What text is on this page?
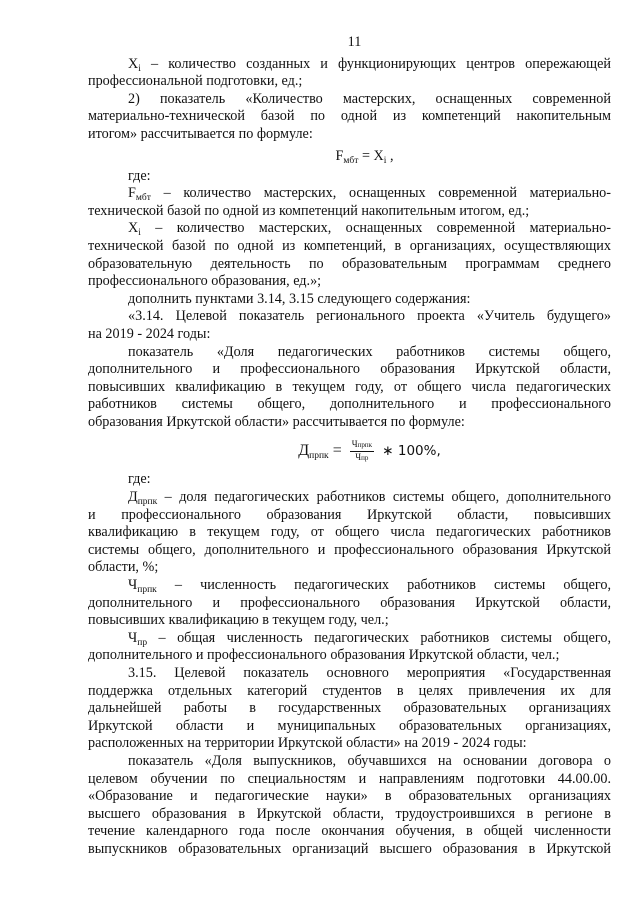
11
$X_i$ – количество созданных и функционирующих центров опережающей
профессиональной подготовки, ед.;
2) показатель «Количество мастерских, оснащенных современной
материально-технической базой по одной из компетенций накопительным
итогом» рассчитывается по формуле:
$F_{мбт} = X_i$ ,
где:
$F_{мбт}$ – количество мастерских, оснащенных современной материально-
технической базой по одной из компетенций накопительным итогом, ед.;
$X_i$ – количество мастерских, оснащенных современной материально-
технической базой по одной из компетенций, в организациях, осуществляющих
образовательную деятельность по образовательным программам среднего
профессионального образования, ед.»;
дополнить пунктами 3.14, 3.15 следующего содержания:
«3.14. Целевой показатель регионального проекта «Учитель будущего»
на 2019 - 2024 годы:
показатель «Доля педагогических работников системы общего,
дополнительного и профессионального образования Иркутской области,
повысивших квалификацию в текущем году, от общего числа педагогических
работников системы общего, дополнительного и профессионального
образования Иркутской области» рассчитывается по формуле:
$Д_{прпк} = \frac{\text{Чпрпк}}{\text{Чпр}}$ ∗ 100%,
где:
$Д_{прпк}$ – доля педагогических работников системы общего, дополнительного
и профессионального образования Иркутской области, повысивших
квалификацию в текущем году, от общего числа педагогических работников
системы общего, дополнительного и профессионального образования Иркутской
области, %;
$Ч_{прпк}$ – численность педагогических работников системы общего,
дополнительного и профессионального образования Иркутской области,
повысивших квалификацию в текущем году, чел.;
$Ч_{пр}$ – общая численность педагогических работников системы общего,
дополнительного и профессионального образования Иркутской области, чел.;
3.15. Целевой показатель основного мероприятия «Государственная
поддержка отдельных категорий студентов в целях привлечения их для
дальнейшей работы в государственных образовательных организациях
Иркутской области и муниципальных образовательных организациях,
расположенных на территории Иркутской области» на 2019 - 2024 годы:
показатель «Доля выпускников, обучавшихся на основании договора о
целевом обучении по специальностям и направлениям подготовки 44.00.00.
«Образование и педагогические науки» в образовательных организациях
высшего образования в Иркутской области, трудоустроившихся в регионе в
течение календарного года после окончания обучения, в общей численности
выпускников образовательных организаций высшего образования в Иркутской
